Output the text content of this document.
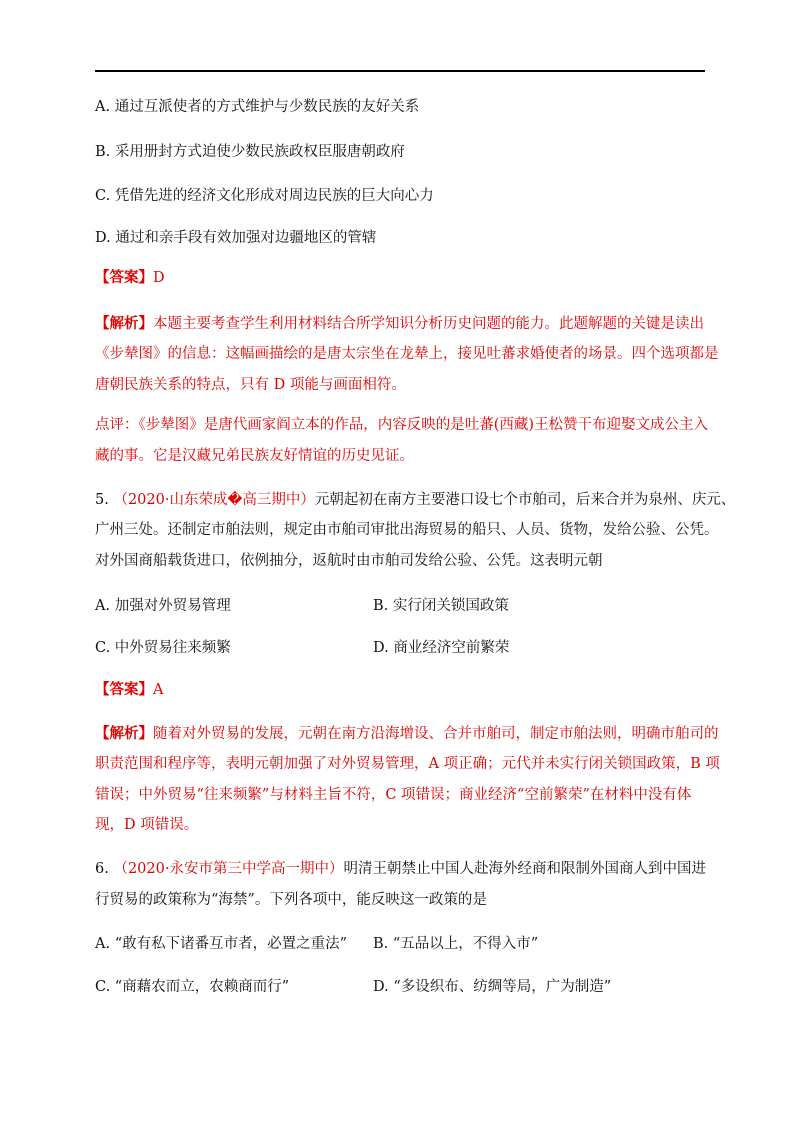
A. 通过互派使者的方式维护与少数民族的友好关系
B. 采用册封方式迫使少数民族政权臣服唐朝政府
C. 凭借先进的经济文化形成对周边民族的巨大向心力
D. 通过和亲手段有效加强对边疆地区的管辖
【答案】D
【解析】本题主要考查学生利用材料结合所学知识分析历史问题的能力。此题解题的关键是读出
《步辇图》的信息：这幅画描绘的是唐太宗坐在龙辇上，接见吐蕃求婚使者的场景。四个选项都是
唐朝民族关系的特点，只有 D 项能与画面相符。
点评：《步辇图》是唐代画家阎立本的作品，内容反映的是吐蕃(西藏)王松赞干布迎娶文成公主入
藏的事。它是汉藏兄弟民族友好情谊的历史见证。
5. （2020·山东荣成�高三期中）元朝起初在南方主要港口设七个市舶司，后来合并为泉州、庆元、
广州三处。还制定市舶法则，规定由市舶司审批出海贸易的船只、人员、货物，发给公验、公凭。
对外国商船载货进口，依例抽分，返航时由市舶司发给公验、公凭。这表明元朝
A. 加强对外贸易管理	B. 实行闭关锁国政策
C. 中外贸易往来频繁	D. 商业经济空前繁荣
【答案】A
【解析】随着对外贸易的发展，元朝在南方沿海增设、合并市舶司，制定市舶法则，明确市舶司的
职责范围和程序等，表明元朝加强了对外贸易管理，A 项正确；元代并未实行闭关锁国政策，B 项
错误；中外贸易“往来频繁”与材料主旨不符，C 项错误；商业经济“空前繁荣”在材料中没有体
现，D 项错误。
6. （2020·永安市第三中学高一期中）明清王朝禁止中国人赴海外经商和限制外国商人到中国进
行贸易的政策称为“海禁”。下列各项中，能反映这一政策的是
A. “敢有私下诸番互市者，必置之重法” B. “五品以上，不得入市”
C. “商藉农而立，农赖商而行”	D. “多设织布、纺绸等局，广为制造”
